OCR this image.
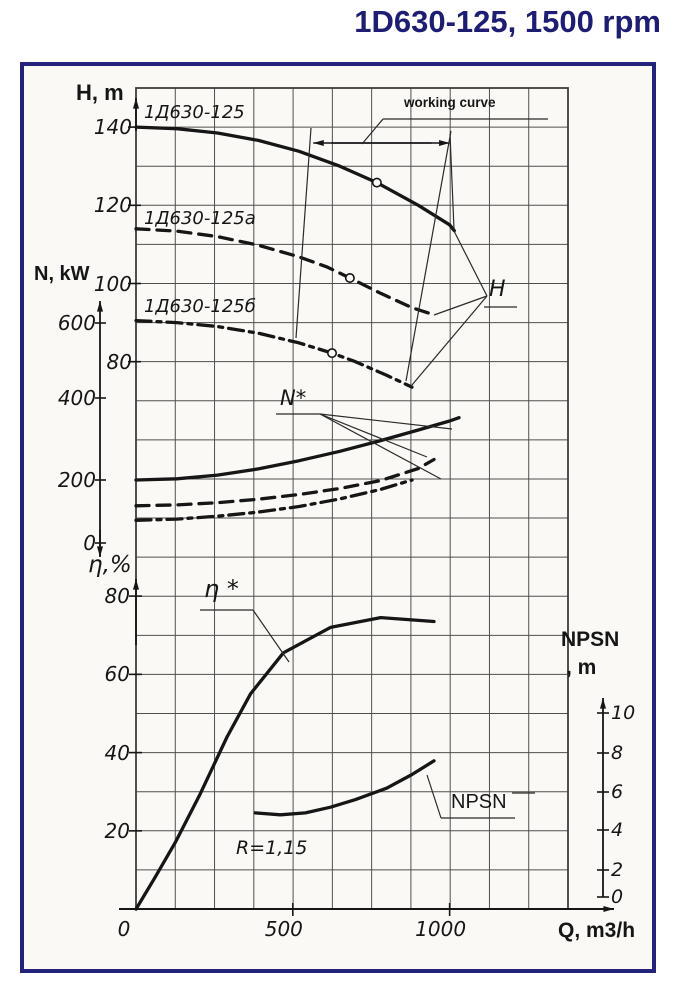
1D630-125, 1500 rpm
H, m
N, kW
η,%
NPSN
, m
Q, m3/h
1Д630-125
1Д630-125а
1Д630-125б
N*
η *
H
NPSN
R=1,15
working curve
140
120
100
80
600
400
200
0
80
60
40
20
10
8
6
4
2
0
0	500	1000
